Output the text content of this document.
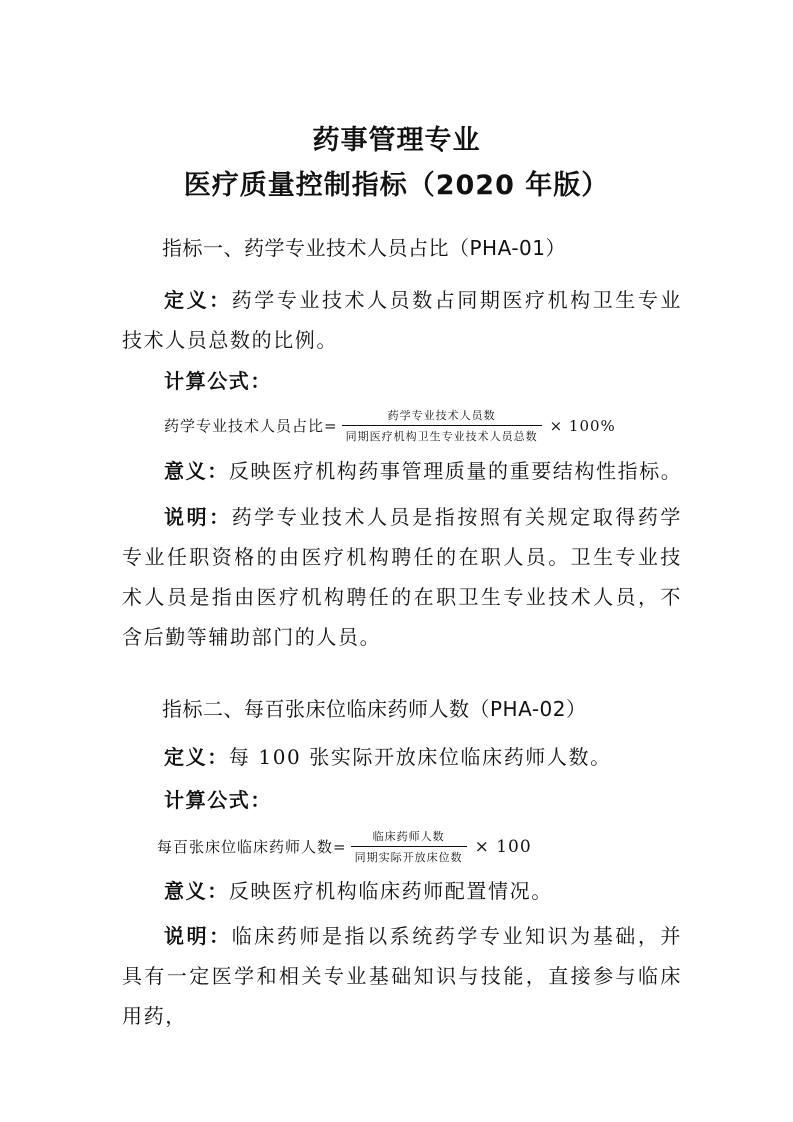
药事管理专业
医疗质量控制指标（2020 年版）
指标一、药学专业技术人员占比（PHA-01）
定义：药学专业技术人员数占同期医疗机构卫生专业技术人员总数的比例。
计算公式：
药学专业技术人员占比= $\frac{\text{药学专业技术人员数}}{\text{同期医疗机构卫生专业技术人员总数}} \times 100\%$
意义：反映医疗机构药事管理质量的重要结构性指标。
说明：药学专业技术人员是指按照有关规定取得药学专业任职资格的由医疗机构聘任的在职人员。卫生专业技术人员是指由医疗机构聘任的在职卫生专业技术人员，不含后勤等辅助部门的人员。
指标二、每百张床位临床药师人数（PHA-02）
定义：每 100 张实际开放床位临床药师人数。
计算公式：
每百张床位临床药师人数= $\frac{\text{临床药师人数}}{\text{同期实际开放床位数}} \times 100$
意义：反映医疗机构临床药师配置情况。
说明：临床药师是指以系统药学专业知识为基础，并具有一定医学和相关专业基础知识与技能，直接参与临床用药，
